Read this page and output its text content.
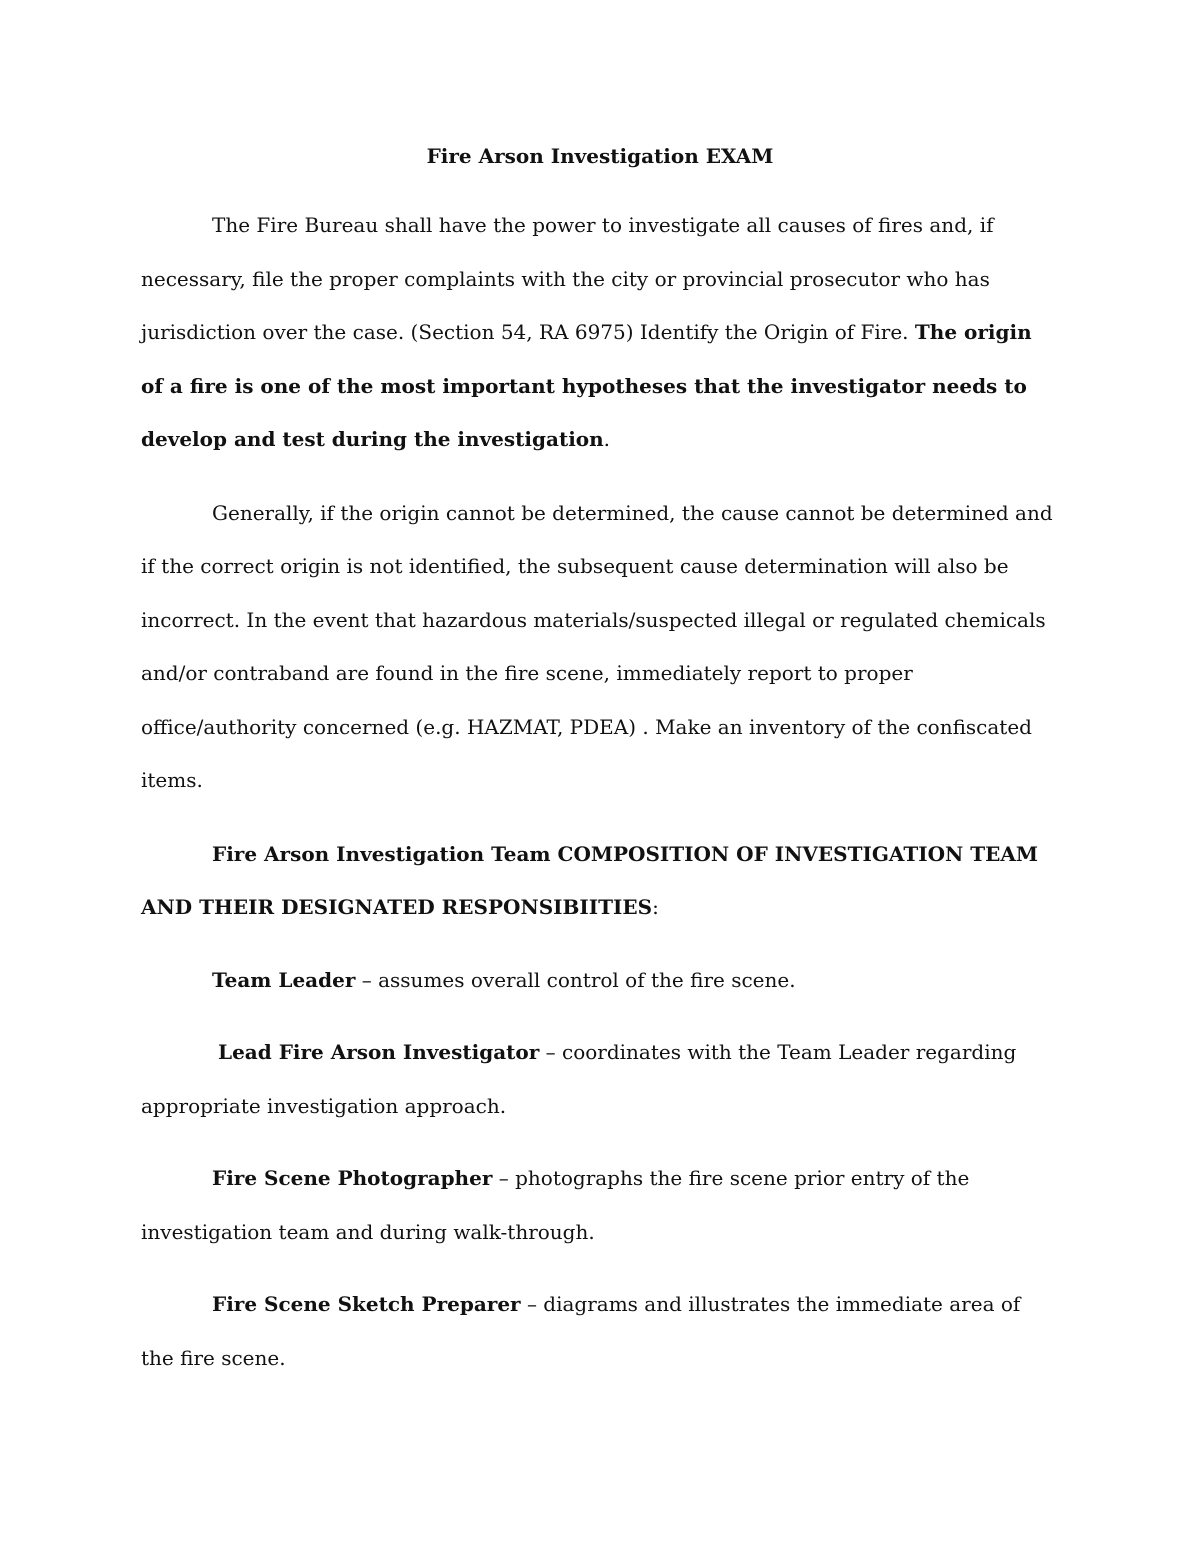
Fire Arson Investigation EXAM

The Fire Bureau shall have the power to investigate all causes of fires and, if necessary, file the proper complaints with the city or provincial prosecutor who has jurisdiction over the case. (Section 54, RA 6975) Identify the Origin of Fire. The origin of a fire is one of the most important hypotheses that the investigator needs to develop and test during the investigation.

Generally, if the origin cannot be determined, the cause cannot be determined and if the correct origin is not identified, the subsequent cause determination will also be incorrect. In the event that hazardous materials/suspected illegal or regulated chemicals and/or contraband are found in the fire scene, immediately report to proper office/authority concerned (e.g. HAZMAT, PDEA) . Make an inventory of the confiscated items.

Fire Arson Investigation Team COMPOSITION OF INVESTIGATION TEAM AND THEIR DESIGNATED RESPONSIBIITIES:

Team Leader – assumes overall control of the fire scene.

Lead Fire Arson Investigator – coordinates with the Team Leader regarding appropriate investigation approach.

Fire Scene Photographer – photographs the fire scene prior entry of the investigation team and during walk-through.

Fire Scene Sketch Preparer – diagrams and illustrates the immediate area of the fire scene.
